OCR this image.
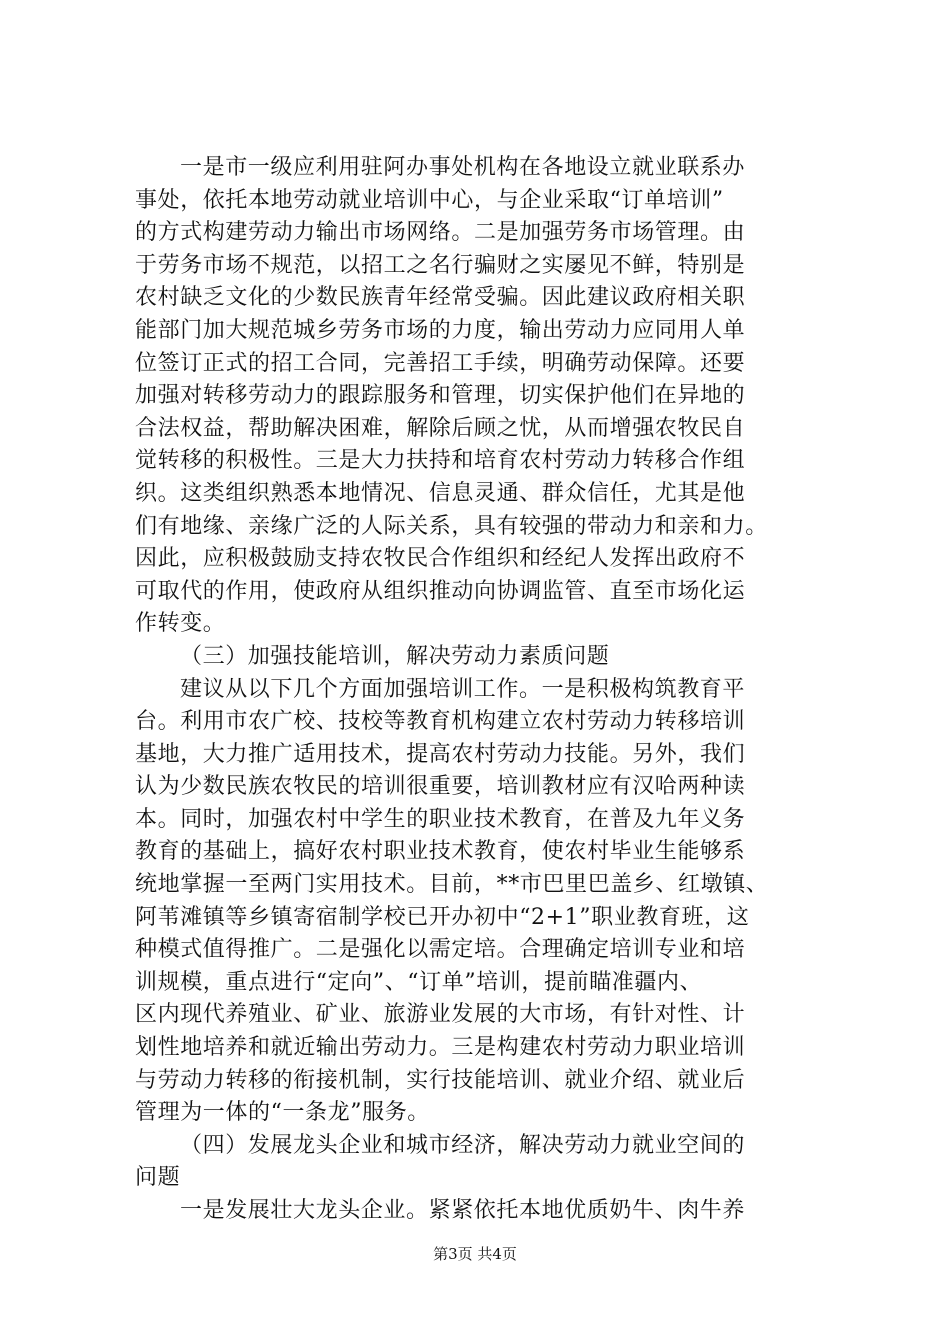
一是市一级应利用驻阿办事处机构在各地设立就业联系办
事处，依托本地劳动就业培训中心，与企业采取“订单培训”
的方式构建劳动力输出市场网络。二是加强劳务市场管理。由
于劳务市场不规范，以招工之名行骗财之实屡见不鲜，特别是
农村缺乏文化的少数民族青年经常受骗。因此建议政府相关职
能部门加大规范城乡劳务市场的力度，输出劳动力应同用人单
位签订正式的招工合同，完善招工手续，明确劳动保障。还要
加强对转移劳动力的跟踪服务和管理，切实保护他们在异地的
合法权益，帮助解决困难，解除后顾之忧，从而增强农牧民自
觉转移的积极性。三是大力扶持和培育农村劳动力转移合作组
织。这类组织熟悉本地情况、信息灵通、群众信任，尤其是他
们有地缘、亲缘广泛的人际关系，具有较强的带动力和亲和力。
因此，应积极鼓励支持农牧民合作组织和经纪人发挥出政府不
可取代的作用，使政府从组织推动向协调监管、直至市场化运
作转变。
（三）加强技能培训，解决劳动力素质问题
建议从以下几个方面加强培训工作。一是积极构筑教育平
台。利用市农广校、技校等教育机构建立农村劳动力转移培训
基地，大力推广适用技术，提高农村劳动力技能。另外，我们
认为少数民族农牧民的培训很重要，培训教材应有汉哈两种读
本。同时，加强农村中学生的职业技术教育，在普及九年义务
教育的基础上，搞好农村职业技术教育，使农村毕业生能够系
统地掌握一至两门实用技术。目前，**市巴里巴盖乡、红墩镇、
阿苇滩镇等乡镇寄宿制学校已开办初中“2+1”职业教育班，这
种模式值得推广。二是强化以需定培。合理确定培训专业和培
训规模，重点进行“定向”、“订单”培训，提前瞄准疆内、
区内现代养殖业、矿业、旅游业发展的大市场，有针对性、计
划性地培养和就近输出劳动力。三是构建农村劳动力职业培训
与劳动力转移的衔接机制，实行技能培训、就业介绍、就业后
管理为一体的“一条龙”服务。
（四）发展龙头企业和城市经济，解决劳动力就业空间的
问题
一是发展壮大龙头企业。紧紧依托本地优质奶牛、肉牛养
第3页 共4页
